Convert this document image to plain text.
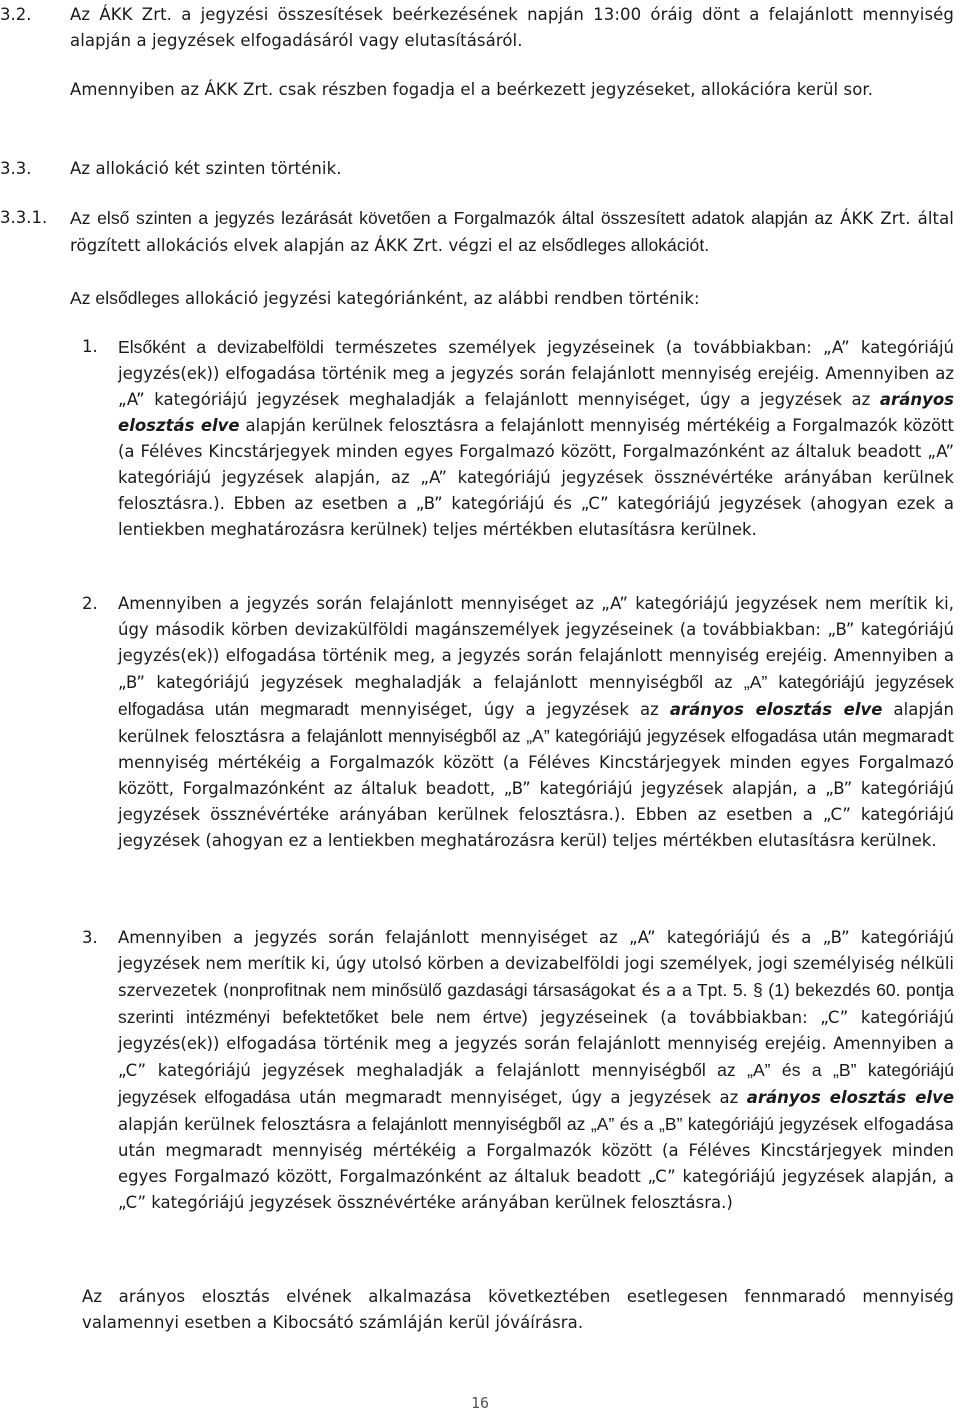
3.2. Az ÁKK Zrt. a jegyzési összesítések beérkezésének napján 13:00 óráig dönt a felajánlott mennyiség alapján a jegyzések elfogadásáról vagy elutasításáról.

Amennyiben az ÁKK Zrt. csak részben fogadja el a beérkezett jegyzéseket, allokációra kerül sor.

3.3. Az allokáció két szinten történik.

3.3.1. Az első szinten a jegyzés lezárását követően a Forgalmazók által összesített adatok alapján az ÁKK Zrt. által rögzített allokációs elvek alapján az ÁKK Zrt. végzi el az elsődleges allokációt.

Az elsődleges allokáció jegyzési kategóriánként, az alábbi rendben történik:

1. Elsőként a devizabelföldi természetes személyek jegyzéseinek (a továbbiakban: „A” kategóriájú jegyzés(ek)) elfogadása történik meg a jegyzés során felajánlott mennyiség erejéig. Amennyiben az „A” kategóriájú jegyzések meghaladják a felajánlott mennyiséget, úgy a jegyzések az arányos elosztás elve alapján kerülnek felosztásra a felajánlott mennyiség mértékéig a Forgalmazók között (a Féléves Kincstárjegyek minden egyes Forgalmazó között, Forgalmazónként az általuk beadott „A” kategóriájú jegyzések alapján, az „A” kategóriájú jegyzések össznévértéke arányában kerülnek felosztásra.). Ebben az esetben a „B” kategóriájú és „C” kategóriájú jegyzések (ahogyan ezek a lentiekben meghatározásra kerülnek) teljes mértékben elutasításra kerülnek.
2. Amennyiben a jegyzés során felajánlott mennyiséget az „A” kategóriájú jegyzések nem merítik ki, úgy második körben devizakülföldi magánszemélyek jegyzéseinek (a továbbiakban: „B” kategóriájú jegyzés(ek)) elfogadása történik meg, a jegyzés során felajánlott mennyiség erejéig. Amennyiben a „B” kategóriájú jegyzések meghaladják a felajánlott mennyiségből az „A” kategóriájú jegyzések elfogadása után megmaradt mennyiséget, úgy a jegyzések az arányos elosztás elve alapján kerülnek felosztásra a felajánlott mennyiségből az „A” kategóriájú jegyzések elfogadása után megmaradt mennyiség mértékéig a Forgalmazók között (a Féléves Kincstárjegyek minden egyes Forgalmazó között, Forgalmazónként az általuk beadott, „B” kategóriájú jegyzések alapján, a „B” kategóriájú jegyzések össznévértéke arányában kerülnek felosztásra.). Ebben az esetben a „C” kategóriájú jegyzések (ahogyan ez a lentiekben meghatározásra kerül) teljes mértékben elutasításra kerülnek.
3. Amennyiben a jegyzés során felajánlott mennyiséget az „A” kategóriájú és a „B” kategóriájú jegyzések nem merítik ki, úgy utolsó körben a devizabelföldi jogi személyek, jogi személyiség nélküli szervezetek (nonprofitnak nem minősülő gazdasági társaságokat és a a Tpt. 5. § (1) bekezdés 60. pontja szerinti intézményi befektetőket bele nem értve) jegyzéseinek (a továbbiakban: „C” kategóriájú jegyzés(ek)) elfogadása történik meg a jegyzés során felajánlott mennyiség erejéig. Amennyiben a „C” kategóriájú jegyzések meghaladják a felajánlott mennyiségből az „A” és a „B” kategóriájú jegyzések elfogadása után megmaradt mennyiséget, úgy a jegyzések az arányos elosztás elve alapján kerülnek felosztásra a felajánlott mennyiségből az „A” és a „B” kategóriájú jegyzések elfogadása után megmaradt mennyiség mértékéig a Forgalmazók között (a Féléves Kincstárjegyek minden egyes Forgalmazó között, Forgalmazónként az általuk beadott „C” kategóriájú jegyzések alapján, a „C” kategóriájú jegyzések össznévértéke arányában kerülnek felosztásra.)

Az arányos elosztás elvének alkalmazása következtében esetlegesen fennmaradó mennyiség valamennyi esetben a Kibocsátó számláján kerül jóváírásra.

16
